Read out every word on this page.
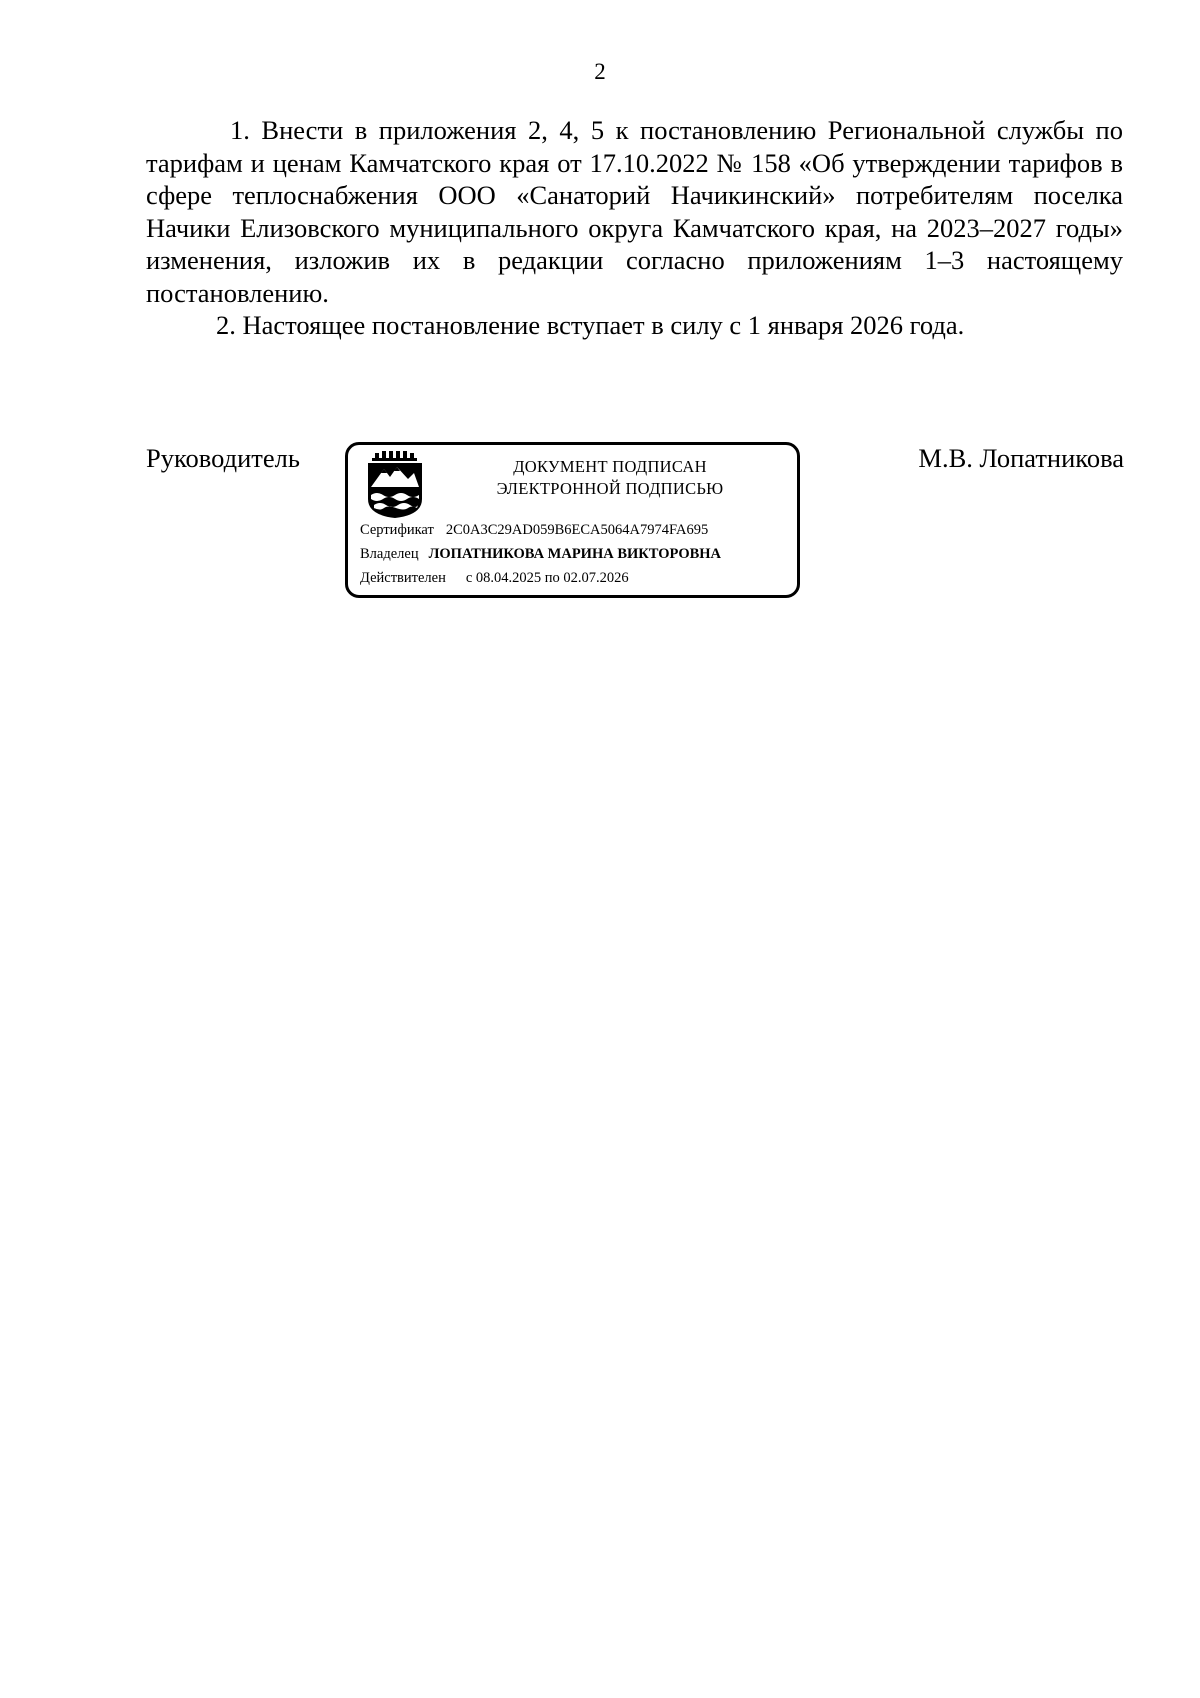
2

1. Внести в приложения 2, 4, 5 к постановлению Региональной службы по тарифам и ценам Камчатского края от 17.10.2022 № 158 «Об утверждении тарифов в сфере теплоснабжения ООО «Санаторий Начикинский» потребителям поселка Начики Елизовского муниципального округа Камчатского края, на 2023–2027 годы» изменения, изложив их в редакции согласно приложениям 1–3 настоящему постановлению.

2. Настоящее постановление вступает в силу с 1 января 2026 года.

Руководитель	ДОКУМЕНТ ПОДПИСАН
ЭЛЕКТРОННОЙ ПОДПИСЬЮ
Сертификат 2C0A3C29AD059B6ECA5064A7974FA695
Владелец ЛОПАТНИКОВА МАРИНА ВИКТОРОВНА
Действителен с 08.04.2025 по 02.07.2026
М.В. Лопатникова
